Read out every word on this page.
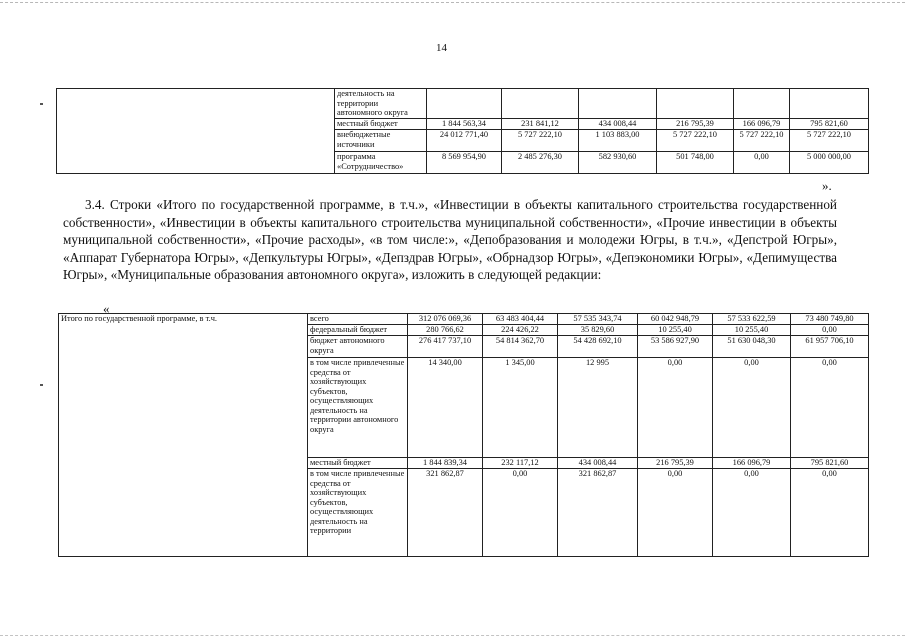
14
	деятельность на территории автономного округа						
	местный бюджет	1 844 563,34	231 841,12	434 008,44	216 795,39	166 096,79	795 821,60
	внебюджетные источники	24 012 771,40	5 727 222,10	1 103 883,00	5 727 222,10	5 727 222,10	5 727 222,10
	программа «Сотрудничество»	8 569 954,90	2 485 276,30	582 930,60	501 748,00	0,00	5 000 000,00
».
3.4. Строки «Итого по государственной программе, в т.ч.», «Инвестиции в объекты капитального строительства государственной собственности», «Инвестиции в объекты капитального строительства муниципальной собственности», «Прочие инвестиции в объекты муниципальной собственности», «Прочие расходы», «в том числе:», «Депобразования и молодежи Югры, в т.ч.», «Депстрой Югры», «Аппарат Губернатора Югры», «Депкультуры Югры», «Депздрав Югры», «Обрнадзор Югры», «Депэкономики Югры», «Депимущества Югры», «Муниципальные образования автономного округа», изложить в следующей редакции:
«
Итого по государственной программе, в т.ч.	всего	312 076 069,36	63 483 404,44	57 535 343,74	60 042 948,79	57 533 622,59	73 480 749,80
	федеральный бюджет	280 766,62	224 426,22	35 829,60	10 255,40	10 255,40	0,00
	бюджет автономного округа	276 417 737,10	54 814 362,70	54 428 692,10	53 586 927,90	51 630 048,30	61 957 706,10
	в том числе привлеченные средства от хозяйствующих субъектов, осуществляющих деятельность на территории автономного округа	14 340,00	1 345,00	12 995	0,00	0,00	0,00
	местный бюджет	1 844 839,34	232 117,12	434 008,44	216 795,39	166 096,79	795 821,60
	в том числе привлеченные средства от хозяйствующих субъектов, осуществляющих деятельность на территории	321 862,87	0,00	321 862,87	0,00	0,00	0,00
